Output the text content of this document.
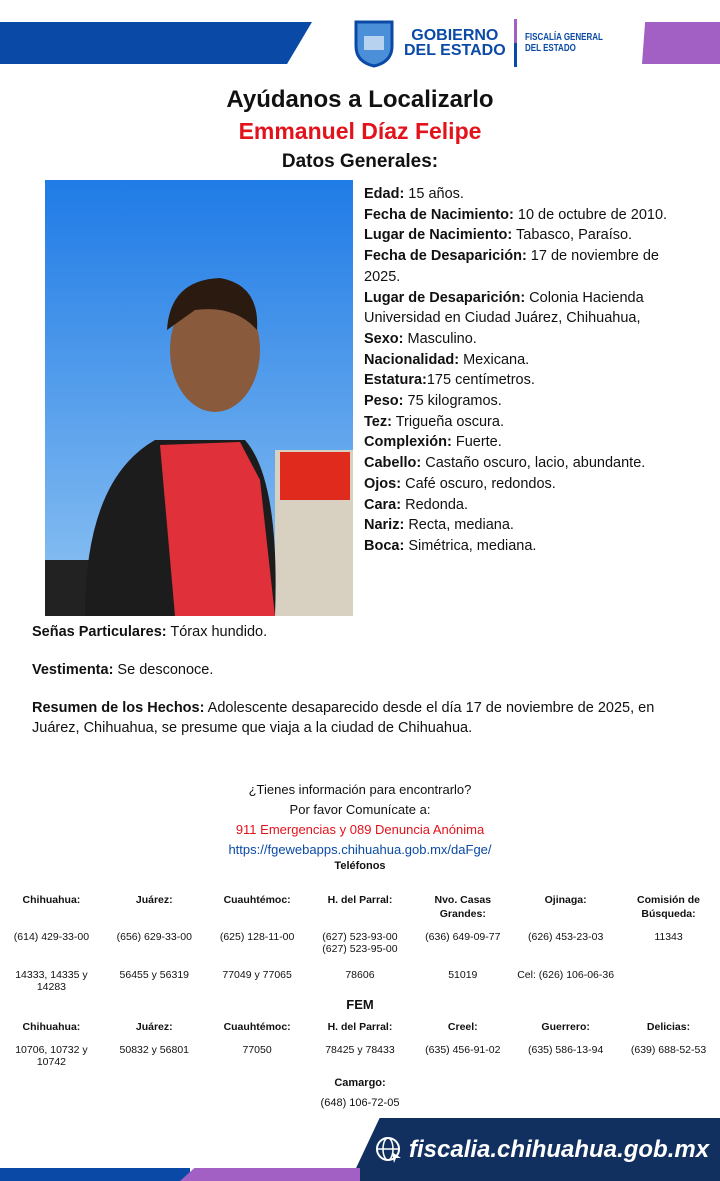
GOBIERNO
DEL ESTADO
FISCALÍA GENERAL
DEL ESTADO
Ayúdanos a Localizarlo
Emmanuel Díaz Felipe
Datos Generales:
Edad: 15 años.
Fecha de Nacimiento: 10 de octubre de 2010.
Lugar de Nacimiento: Tabasco, Paraíso.
Fecha de Desaparición: 17 de noviembre de 2025.
Lugar de Desaparición: Colonia Hacienda Universidad en Ciudad Juárez, Chihuahua,
Sexo: Masculino.
Nacionalidad: Mexicana.
Estatura:175 centímetros.
Peso: 75 kilogramos.
Tez: Trigueña oscura.
Complexión: Fuerte.
Cabello: Castaño oscuro, lacio, abundante.
Ojos: Café oscuro, redondos.
Cara: Redonda.
Nariz: Recta, mediana.
Boca: Simétrica, mediana.
Señas Particulares: Tórax hundido.
Vestimenta: Se desconoce.
Resumen de los Hechos: Adolescente desaparecido desde el día 17 de noviembre de 2025, en Juárez, Chihuahua, se presume que viaja a la ciudad de Chihuahua.
¿Tienes información para encontrarlo?
Por favor Comunícate a:
911 Emergencias y 089 Denuncia Anónima
https://fgewebapps.chihuahua.gob.mx/daFge/
Teléfonos
Chihuahua:	Juárez:	Cuauhtémoc:	H. del Parral:	Nvo. Casas Grandes:	Ojinaga:	Comisión de Búsqueda:
(614) 429-33-00	(656) 629-33-00	(625) 128-11-00	(627) 523-93-00 (627) 523-95-00	(636) 649-09-77	(626) 453-23-03	11343
14333, 14335 y 14283	56455 y 56319	77049 y 77065	78606	51019	Cel: (626) 106-06-36	
FEM
Chihuahua:	Juárez:	Cuauhtémoc:	H. del Parral:	Creel:	Guerrero:	Delicias:
10706, 10732 y 10742	50832 y 56801	77050	78425 y 78433	(635) 456-91-02	(635) 586-13-94	(639) 688-52-53
Camargo:
(648) 106-72-05
fiscalia.chihuahua.gob.mx
